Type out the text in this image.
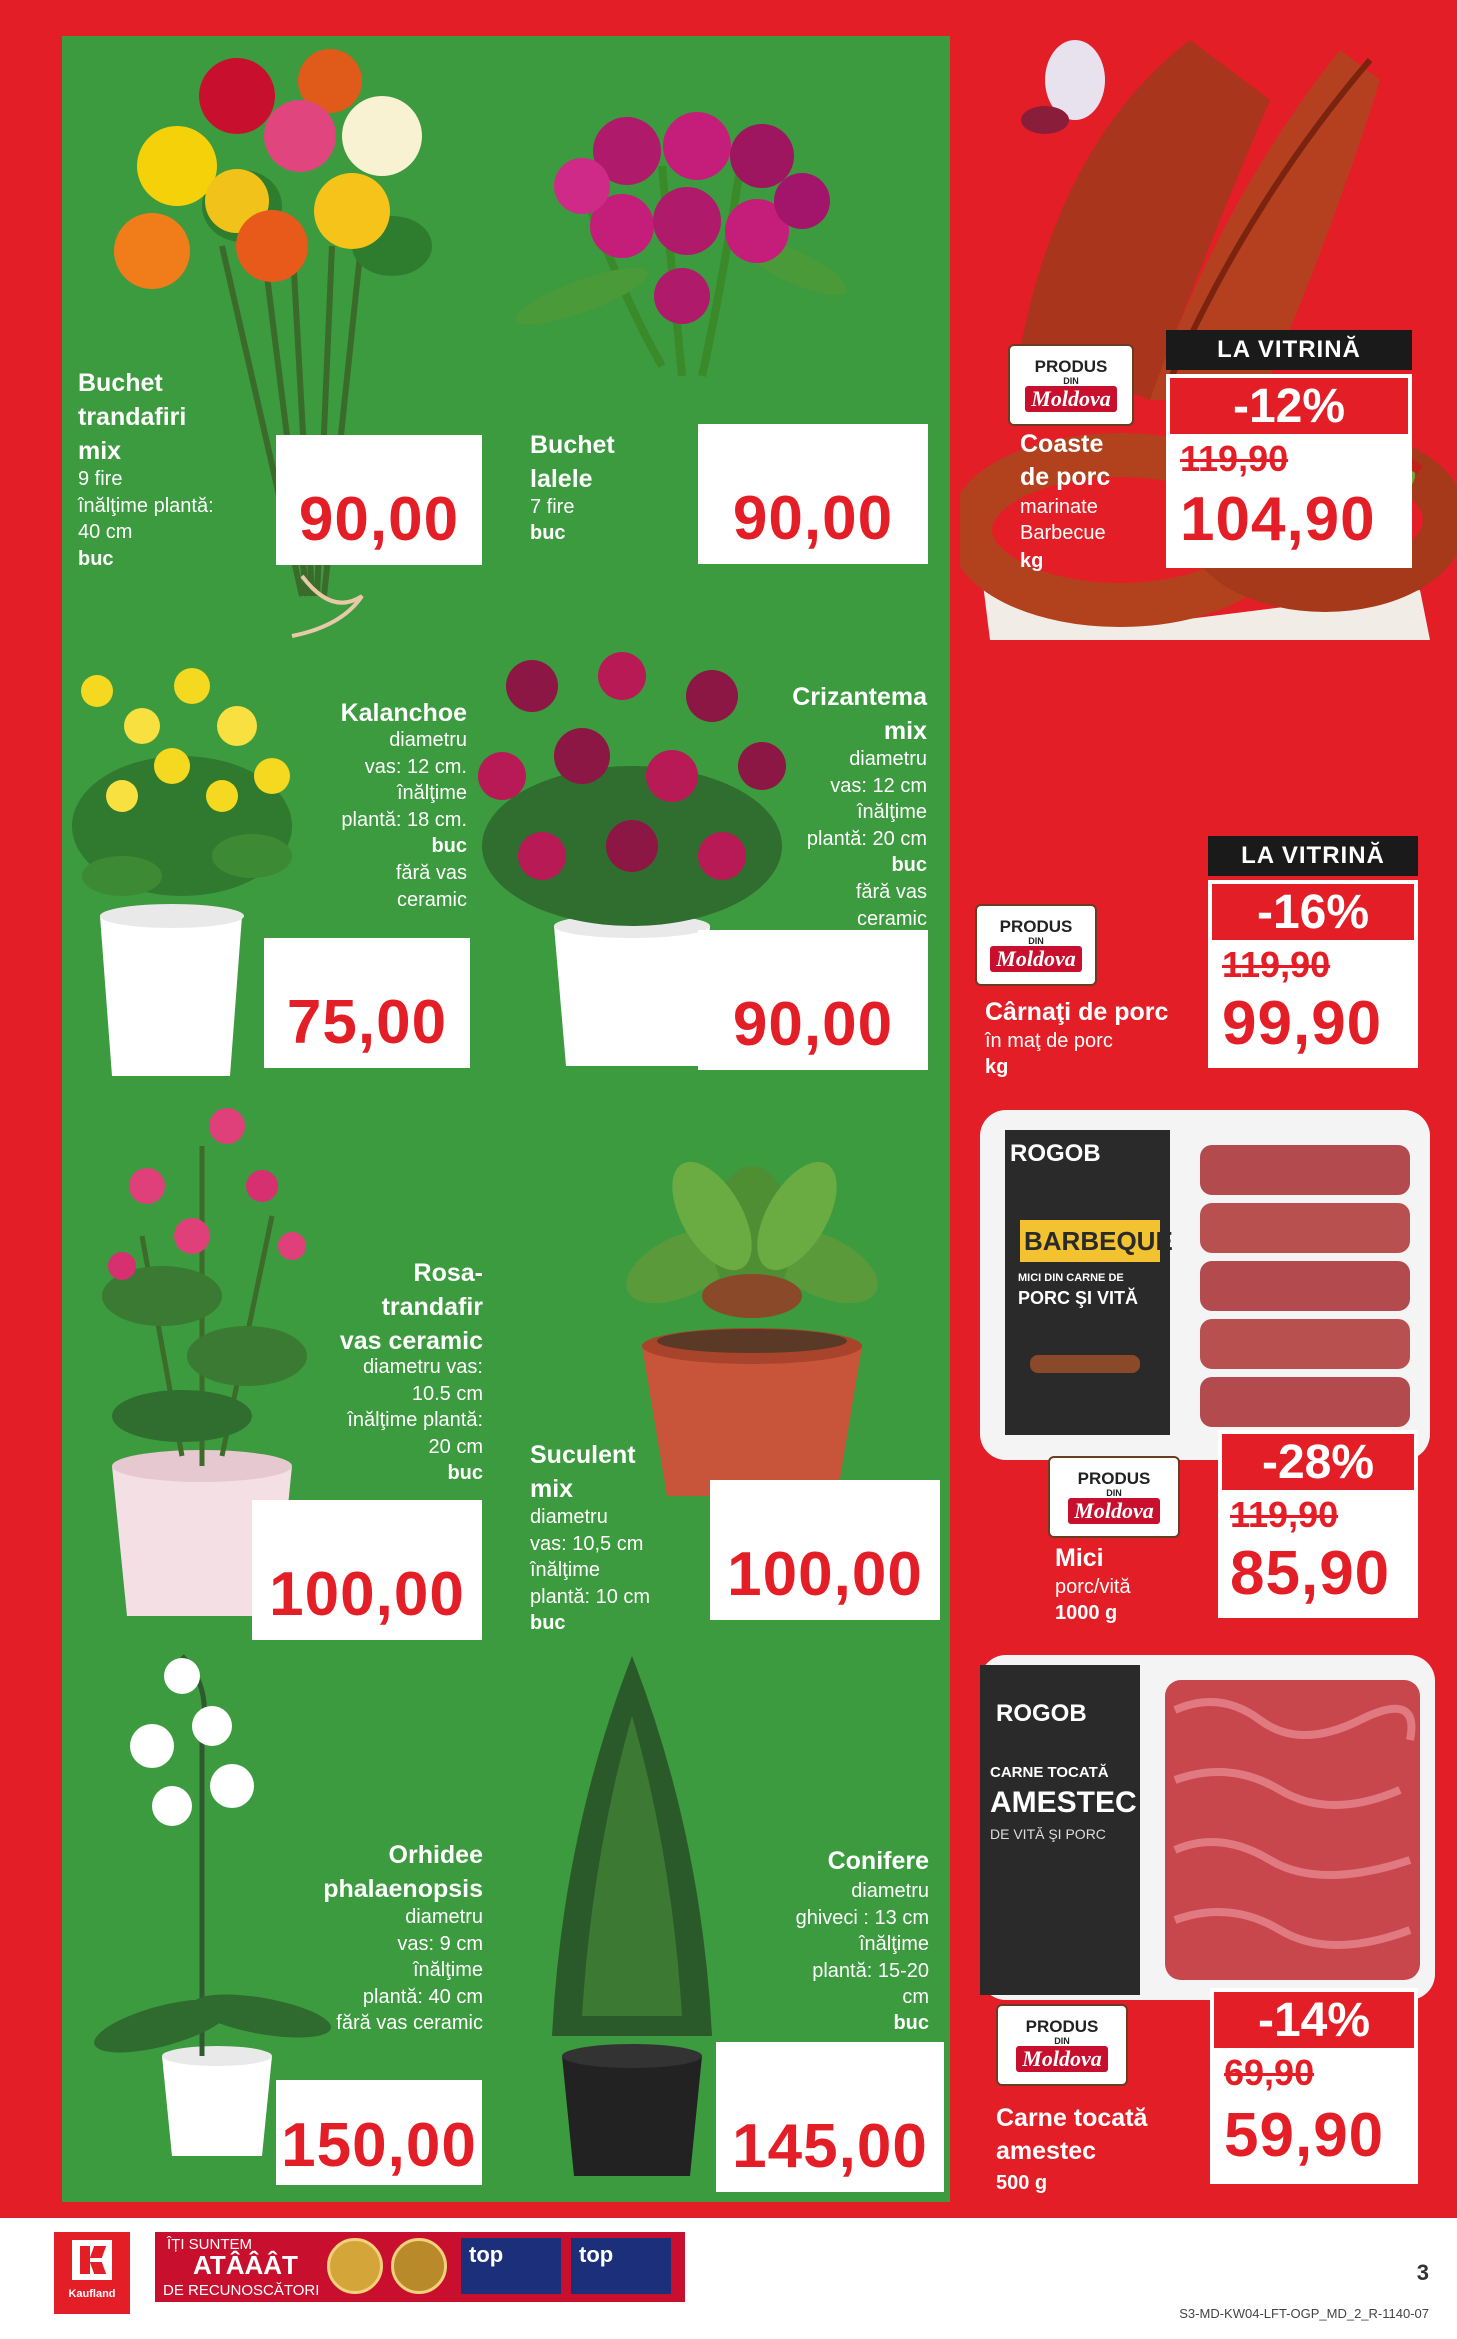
Buchet
trandafiri
mix
9 fire
înălţime plantă:
40 cm
buc
90,00
Buchet
lalele
7 fire
buc	90,00
Kalanchoe
diametru
vas: 12 cm.
înălţime
plantă: 18 cm.
buc
fără vas
ceramic
75,00
Crizantema
mix
diametru
vas: 12 cm
înălţime
plantă: 20 cm
buc
fără vas
ceramic
90,00
Rosa-
trandafir
vas ceramic
diametru vas:
10.5 cm
înălţime plantă:
20 cm
buc
100,00
Suculent
mix
diametru
vas: 10,5 cm
înălţime
plantă: 10 cm
buc
100,00
Orhidee
phalaenopsis
diametru
vas: 9 cm
înălţime
plantă: 40 cm
fără vas ceramic
150,00
Conifere
diametru
ghiveci : 13 cm
înălţime
plantă: 15-20
cm
buc
145,00
ROGOB
BARBEQUE
MICI DIN CARNE DE
PORC ŞI VITĂ
ROGOB
CARNE TOCATĂ
AMESTEC
DE VITĂ ŞI PORC
LA VITRINĂ
-12%
119,90
104,90
PRODUS
DIN
Moldova
Coaste
de porc
marinate
Barbecue
kg
LA VITRINĂ
-16%
119,90
99,90
PRODUS
DIN
Moldova
Cârnaţi de porc
în maţ de porc
kg
-28%
119,90
85,90
PRODUS
DIN
Moldova
Mici
porc/vită
1000 g
-14%
69,90
59,90
PRODUS
DIN
Moldova
Carne tocată
amestec
500 g
Kaufland
ÎȚI SUNTEM
ATÂÂÂT
DE RECUNOSCĂTORI
top	top
3
S3-MD-KW04-LFT-OGP_MD_2_R-1140-07
